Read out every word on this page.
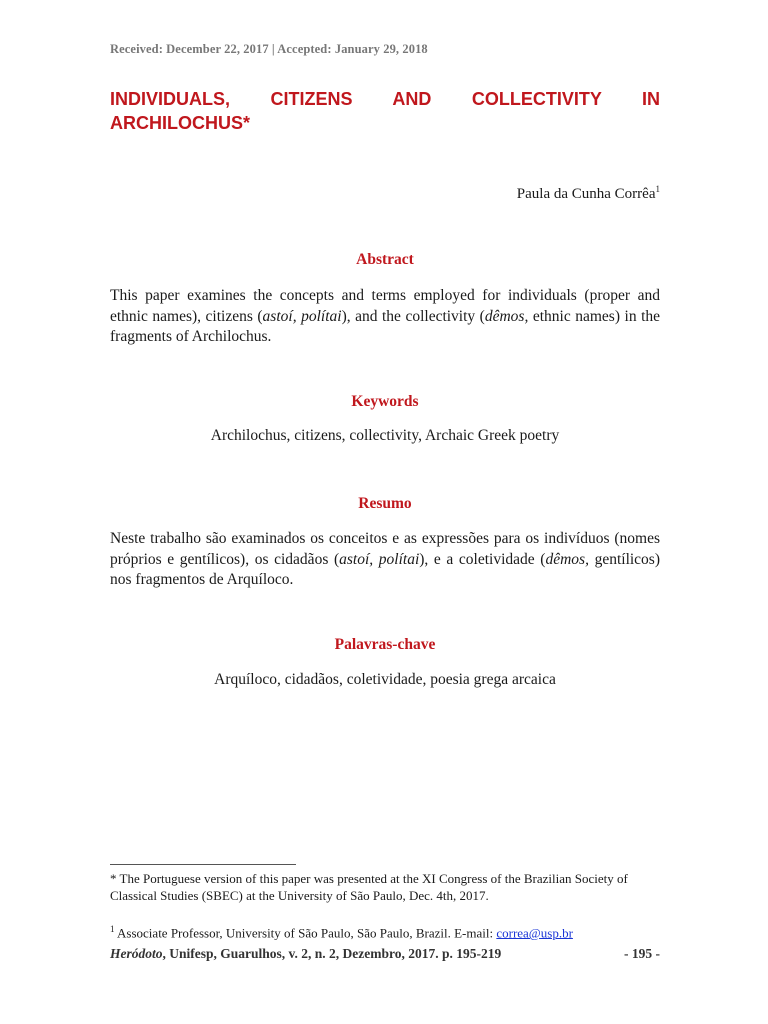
Received: December 22, 2017 | Accepted: January 29, 2018
INDIVIDUALS, CITIZENS AND COLLECTIVITY IN ARCHILOCHUS*
Paula da Cunha Corrêa$^1$
Abstract
This paper examines the concepts and terms employed for individuals (proper and ethnic names), citizens (astoí, polítai), and the collectivity (dêmos, ethnic names) in the fragments of Archilochus.
Keywords
Archilochus, citizens, collectivity, Archaic Greek poetry
Resumo
Neste trabalho são examinados os conceitos e as expressões para os indivíduos (nomes próprios e gentílicos), os cidadãos (astoí, polítai), e a coletividade (dêmos, gentílicos) nos fragmentos de Arquíloco.
Palavras-chave
Arquíloco, cidadãos, coletividade, poesia grega arcaica
* The Portuguese version of this paper was presented at the XI Congress of the Brazilian Society of Classical Studies (SBEC) at the University of São Paulo, Dec. 4th, 2017.
$^1$ Associate Professor, University of São Paulo, São Paulo, Brazil. E-mail: correa@usp.br
Heródoto, Unifesp, Guarulhos, v. 2, n. 2, Dezembro, 2017. p. 195-219	- 195 -
